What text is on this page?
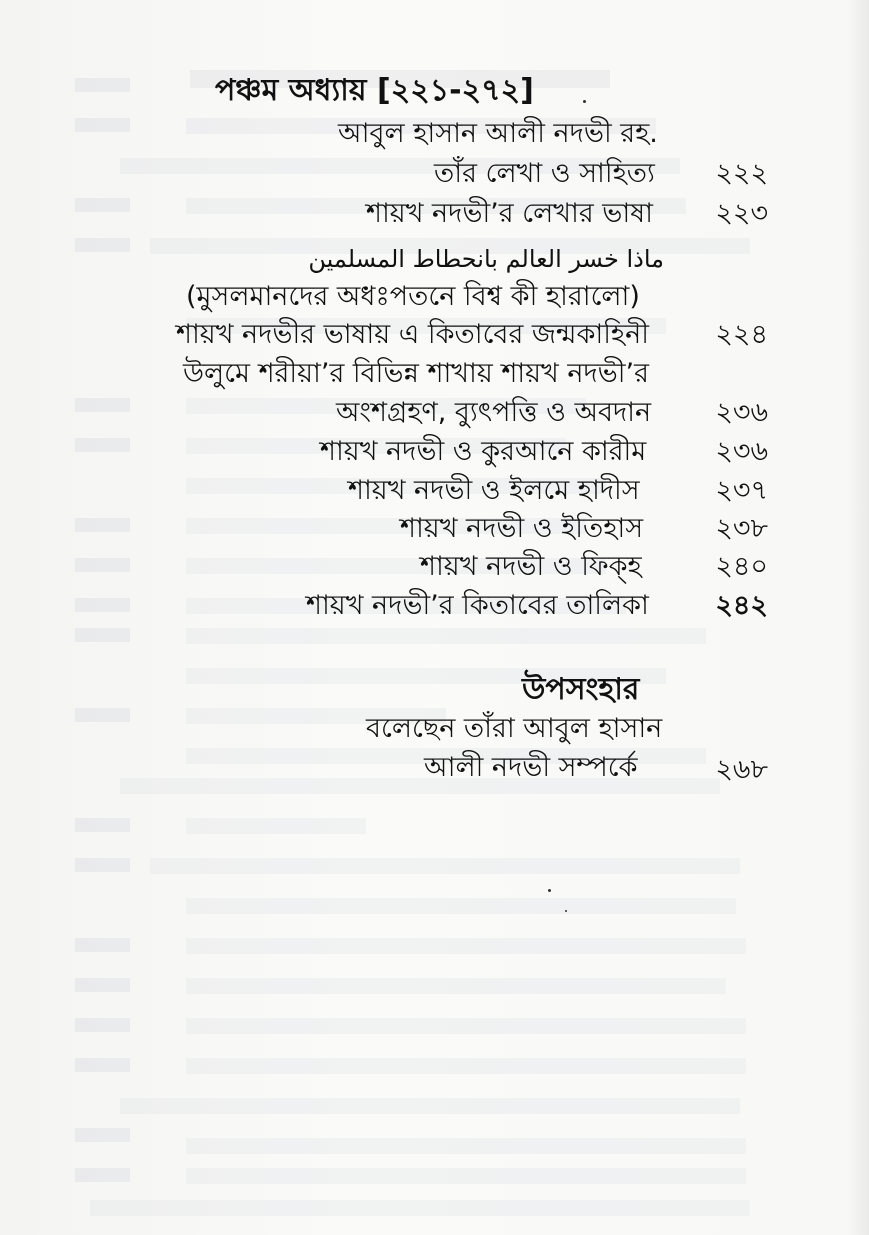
পঞ্চম অধ্যায় [২২১-২৭২]
আবুল হাসান আলী নদভী রহ.
তাঁর লেখা ও সাহিত্য ২২২
শায়খ নদভী’র লেখার ভাষা ২২৩
ماذا خسر العالم بانحطاط المسلمين
(মুসলমানদের অধঃপতনে বিশ্ব কী হারালো)
শায়খ নদভীর ভাষায় এ কিতাবের জন্মকাহিনী ২২৪
উলুমে শরীয়া’র বিভিন্ন শাখায় শায়খ নদভী’র
অংশগ্রহণ, ব্যুৎপত্তি ও অবদান ২৩৬
শায়খ নদভী ও কুরআনে কারীম	২৩৬
শায়খ নদভী ও ইলমে হাদীস	২৩৭
শায়খ নদভী ও ইতিহাস	২৩৮
শায়খ নদভী ও ফিক্‌হ	২৪০
শায়খ নদভী’র কিতাবের তালিকা ২৪২
উপসংহার
বলেছেন তাঁরা আবুল হাসান
আলী নদভী সম্পর্কে	২৬৮
